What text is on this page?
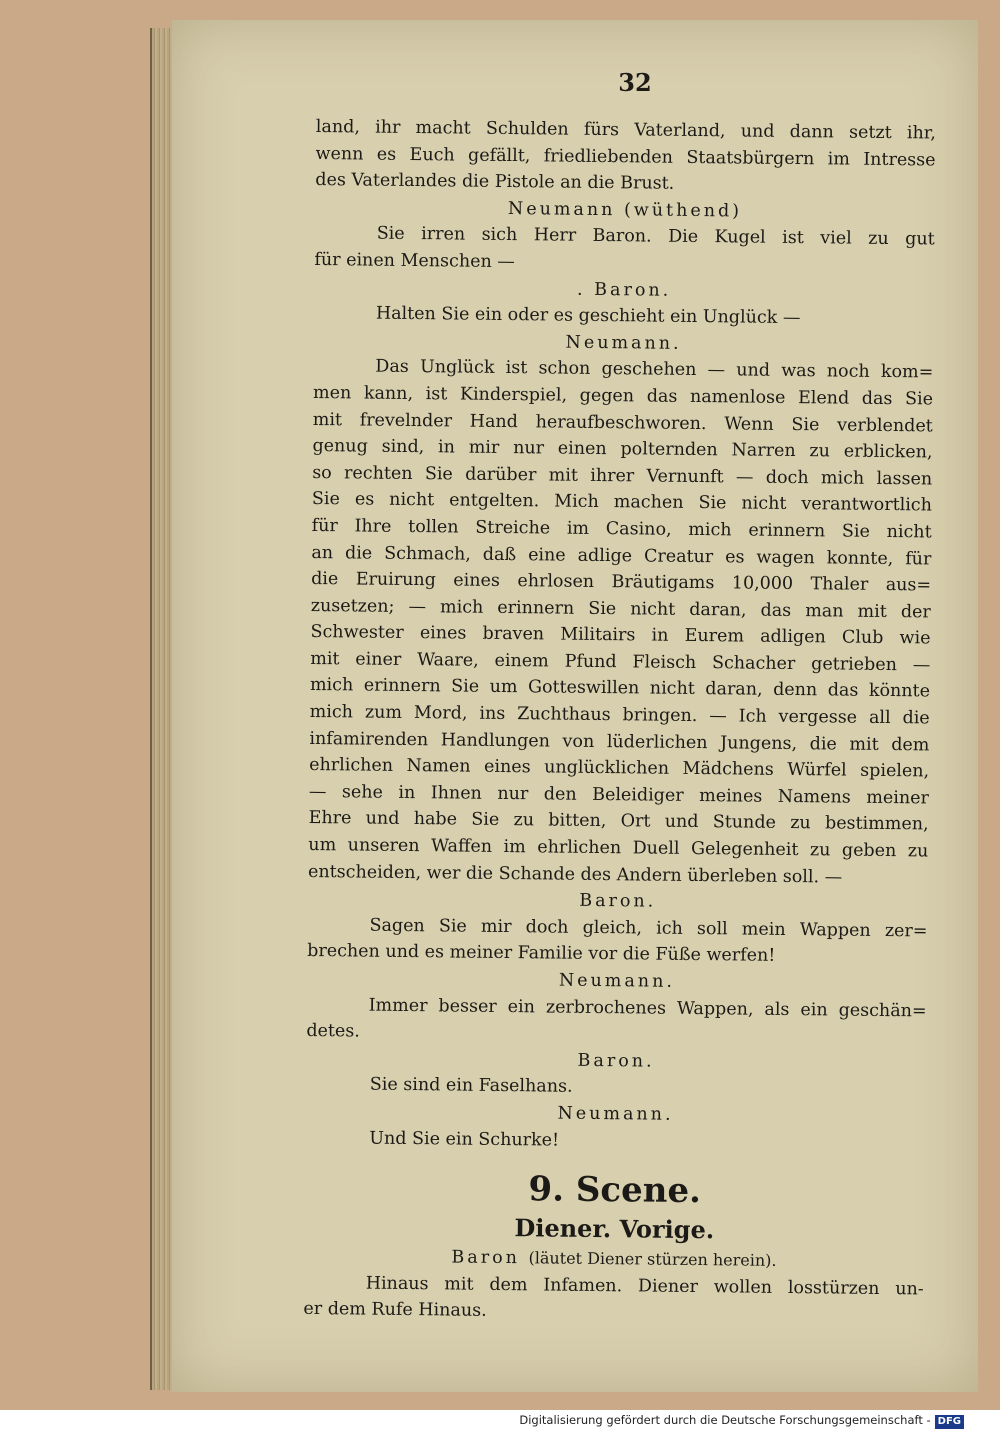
32
land, ihr macht Schulden fürs Vaterland, und dann setzt ihr,
wenn es Euch gefällt, friedliebenden Staatsbürgern im Intresse
des Vaterlandes die Pistole an die Brust.
Neumann (wüthend)
Sie irren sich Herr Baron. Die Kugel ist viel zu gut
für einen Menschen —
. Baron.
Halten Sie ein oder es geschieht ein Unglück —
Neumann.
Das Unglück ist schon geschehen — und was noch kom=
men kann, ist Kinderspiel, gegen das namenlose Elend das Sie
mit frevelnder Hand heraufbeschworen. Wenn Sie verblendet
genug sind, in mir nur einen polternden Narren zu erblicken,
so rechten Sie darüber mit ihrer Vernunft — doch mich lassen
Sie es nicht entgelten. Mich machen Sie nicht verantwortlich
für Ihre tollen Streiche im Casino, mich erinnern Sie nicht
an die Schmach, daß eine adlige Creatur es wagen konnte, für
die Eruirung eines ehrlosen Bräutigams 10,000 Thaler aus=
zusetzen; — mich erinnern Sie nicht daran, das man mit der
Schwester eines braven Militairs in Eurem adligen Club wie
mit einer Waare, einem Pfund Fleisch Schacher getrieben —
mich erinnern Sie um Gotteswillen nicht daran, denn das könnte
mich zum Mord, ins Zuchthaus bringen. — Ich vergesse all die
infamirenden Handlungen von lüderlichen Jungens, die mit dem
ehrlichen Namen eines unglücklichen Mädchens Würfel spielen,
— sehe in Ihnen nur den Beleidiger meines Namens meiner
Ehre und habe Sie zu bitten, Ort und Stunde zu bestimmen,
um unseren Waffen im ehrlichen Duell Gelegenheit zu geben zu
entscheiden, wer die Schande des Andern überleben soll. —
Baron.
Sagen Sie mir doch gleich, ich soll mein Wappen zer=
brechen und es meiner Familie vor die Füße werfen!
Neumann.
Immer besser ein zerbrochenes Wappen, als ein geschän=
detes.
Baron.
Sie sind ein Faselhans.
Neumann.
Und Sie ein Schurke!
9. Scene.
Diener. Vorige.
Baron (läutet Diener stürzen herein).
Hinaus mit dem Infamen. Diener wollen losstürzen un-
er dem Rufe Hinaus.
Digitalisierung gefördert durch die Deutsche Forschungsgemeinschaft - DFG
